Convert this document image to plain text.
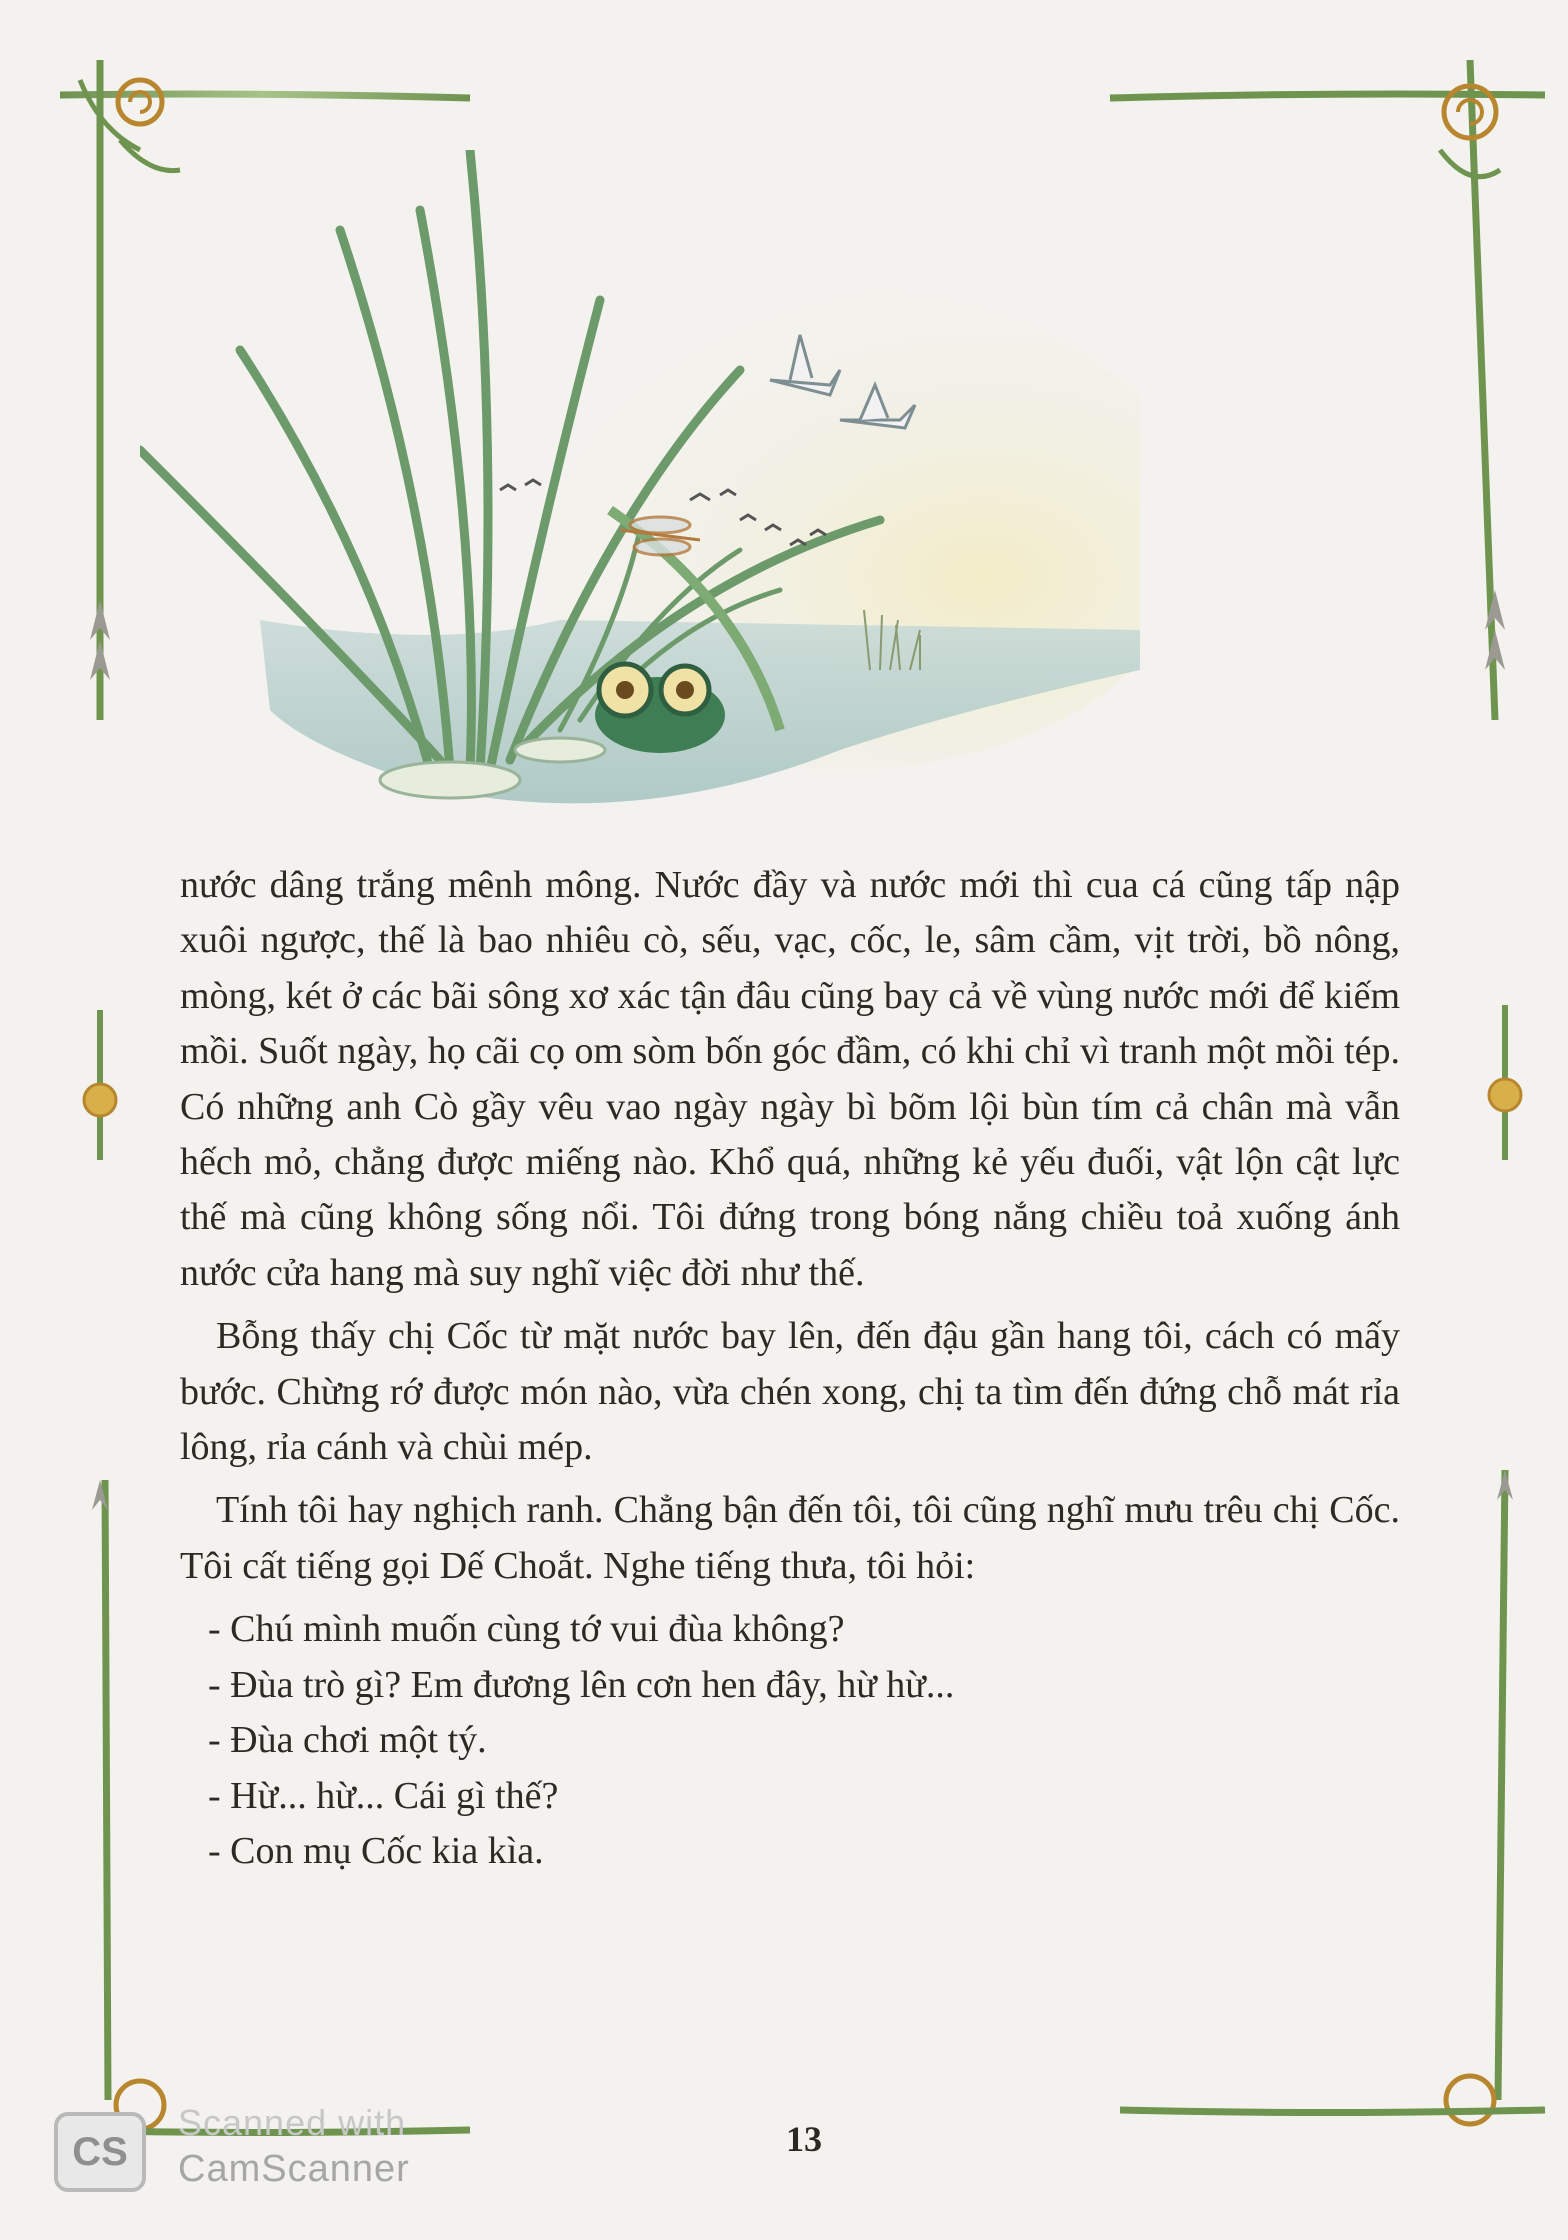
nước dâng trắng mênh mông. Nước đầy và nước mới thì cua cá cũng tấp nập xuôi ngược, thế là bao nhiêu cò, sếu, vạc, cốc, le, sâm cầm, vịt trời, bồ nông, mòng, két ở các bãi sông xơ xác tận đâu cũng bay cả về vùng nước mới để kiếm mồi. Suốt ngày, họ cãi cọ om sòm bốn góc đầm, có khi chỉ vì tranh một mồi tép. Có những anh Cò gầy vêu vao ngày ngày bì bõm lội bùn tím cả chân mà vẫn hếch mỏ, chẳng được miếng nào. Khổ quá, những kẻ yếu đuối, vật lộn cật lực thế mà cũng không sống nổi. Tôi đứng trong bóng nắng chiều toả xuống ánh nước cửa hang mà suy nghĩ việc đời như thế.

Bỗng thấy chị Cốc từ mặt nước bay lên, đến đậu gần hang tôi, cách có mấy bước. Chừng rớ được món nào, vừa chén xong, chị ta tìm đến đứng chỗ mát rỉa lông, rỉa cánh và chùi mép.

Tính tôi hay nghịch ranh. Chẳng bận đến tôi, tôi cũng nghĩ mưu trêu chị Cốc. Tôi cất tiếng gọi Dế Choắt. Nghe tiếng thưa, tôi hỏi:

- Chú mình muốn cùng tớ vui đùa không?

- Đùa trò gì? Em đương lên cơn hen đây, hừ hừ...

- Đùa chơi một tý.

- Hừ... hừ... Cái gì thế?

- Con mụ Cốc kia kìa.

13
CS
Scanned with
CamScanner
